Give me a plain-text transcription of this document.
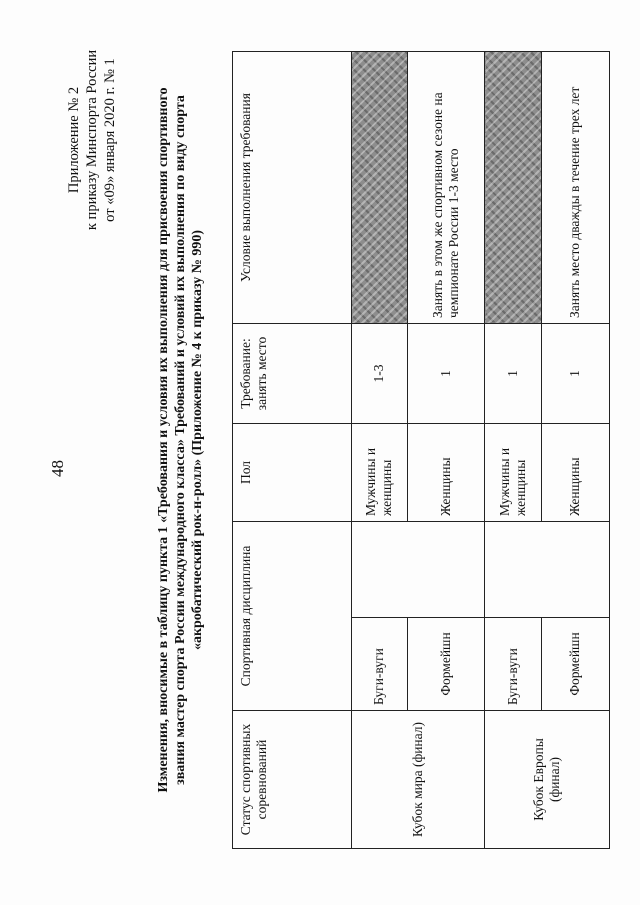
48
Приложение № 2 к приказу Минспорта России от «09» января 2020 г. № 1	Изменения, вносимые в таблицу пункта 1 «Требования и условия их выполнения для присвоения спортивного звания мастер спорта России международного класса» Требований и условий их выполнения по виду спорта «акробатический рок-н-ролл» (Приложение № 4 к приказу № 990)
Статус спортивных соревнований	Спортивная дисциплина		Пол	Требование: занять место	Условие выполнения требования
Кубок мира (финал)	Буги-вуги		Мужчины и женщины	1-3	
	Формейшн		Женщины	1	Занять в этом же спортивном сезоне на чемпионате России 1-3 место
Кубок Европы (финал)	Буги-вуги		Мужчины и женщины	1	
	Формейшн		Женщины	1	Занять место дважды в течение трех лет
